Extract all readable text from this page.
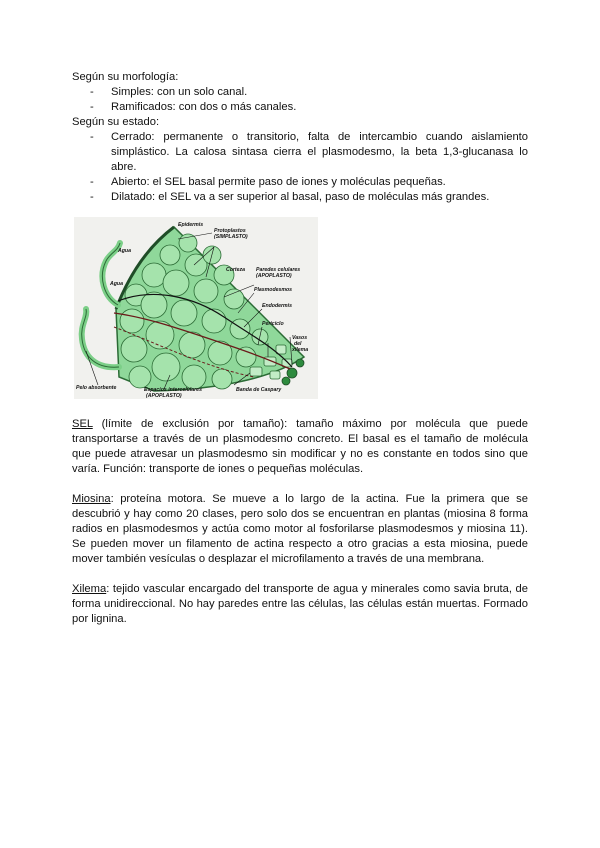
Según su morfología:

- Simples: con un solo canal.
- Ramificados: con dos o más canales.

Según su estado:

- Cerrado: permanente o transitorio, falta de intercambio cuando aislamiento simplástico. La calosa sintasa cierra el plasmodesmo, la beta 1,3-glucanasa lo abre.
- Abierto: el SEL basal permite paso de iones y moléculas pequeñas.
- Dilatado: el SEL va a ser superior al basal, paso de moléculas más grandes.
Epidermis
Protoplastos
(SIMPLASTO)
Agua
Agua
Corteza Paredes celulares
(APOPLASTO)
Plasmodesmos
Endodermis
Periciclo
Vasos
del
xilema
Pelo absorbente	Espacios intercelulares
(APOPLASTO)
Banda de Caspary

SEL (límite de exclusión por tamaño): tamaño máximo por molécula que puede transportarse a través de un plasmodesmo concreto. El basal es el tamaño de molécula que puede atravesar un plasmodesmo sin modificar y no es constante en todos sino que varía. Función: transporte de iones o pequeñas moléculas.

Miosina: proteína motora. Se mueve a lo largo de la actina. Fue la primera que se descubrió y hay como 20 clases, pero solo dos se encuentran en plantas (miosina 8 forma radios en plasmodesmos y actúa como motor al fosforilarse plasmodesmos y miosina 11). Se pueden mover un filamento de actina respecto a otro gracias a esta miosina, puede mover también vesículas o desplazar el microfilamento a través de una membrana.

Xilema: tejido vascular encargado del transporte de agua y minerales como savia bruta, de forma unidireccional. No hay paredes entre las células, las células están muertas. Formado por lignina.
